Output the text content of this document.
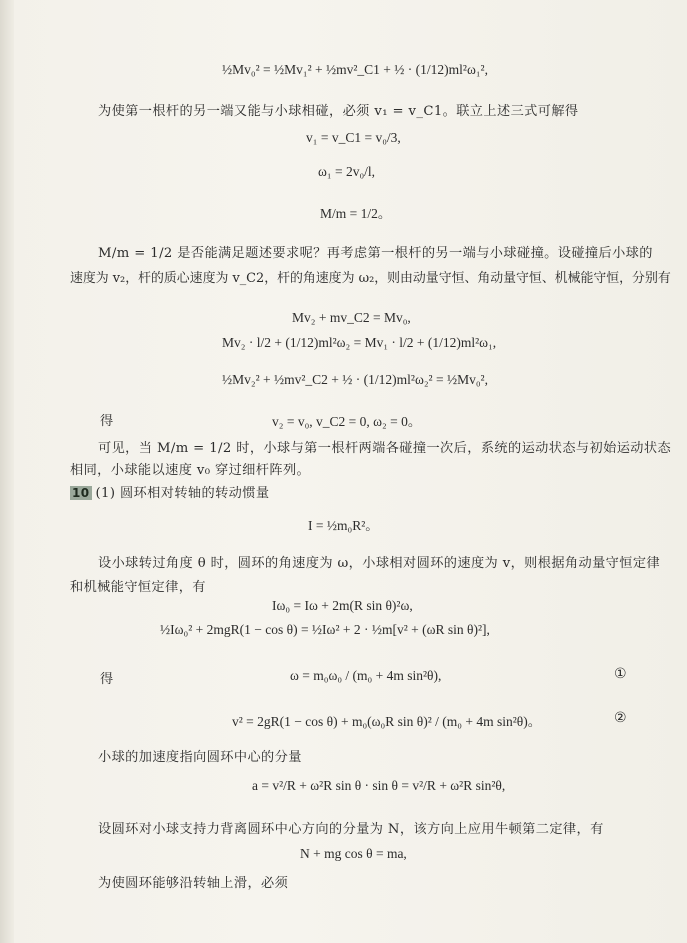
½Mv₀² = ½Mv₁² + ½mv²_C1 + ½ · (1/12)ml²ω₁²,
为使第一根杆的另一端又能与小球相碰，必须 v₁ = v_C1。联立上述三式可解得
v₁ = v_C1 = v₀/3,
ω₁ = 2v₀/l,
M/m = 1/2。
M/m = 1/2 是否能满足题述要求呢？再考虑第一根杆的另一端与小球碰撞。设碰撞后小球的
速度为 v₂，杆的质心速度为 v_C2，杆的角速度为 ω₂，则由动量守恒、角动量守恒、机械能守恒，分别有
Mv₂ + mv_C2 = Mv₀,
Mv₂ · l/2 + (1/12)ml²ω₂ = Mv₁ · l/2 + (1/12)ml²ω₁,
½Mv₂² + ½mv²_C2 + ½ · (1/12)ml²ω₂² = ½Mv₀²,
得	v₂ = v₀, v_C2 = 0, ω₂ = 0。
可见，当 M/m = 1/2 时，小球与第一根杆两端各碰撞一次后，系统的运动状态与初始运动状态
相同，小球能以速度 v₀ 穿过细杆阵列。
10 (1) 圆环相对转轴的转动惯量
I = ½m₀R²。
设小球转过角度 θ 时，圆环的角速度为 ω，小球相对圆环的速度为 v，则根据角动量守恒定律
和机械能守恒定律，有
Iω₀ = Iω + 2m(R sin θ)²ω,
½Iω₀² + 2mgR(1 − cos θ) = ½Iω² + 2 · ½m[v² + (ωR sin θ)²],
得	ω = m₀ω₀ / (m₀ + 4m sin²θ),	①
v² = 2gR(1 − cos θ) + m₀(ω₀R sin θ)² / (m₀ + 4m sin²θ)。	②
小球的加速度指向圆环中心的分量
a = v²/R + ω²R sin θ · sin θ = v²/R + ω²R sin²θ,
设圆环对小球支持力背离圆环中心方向的分量为 N，该方向上应用牛顿第二定律，有
N + mg cos θ = ma,
为使圆环能够沿转轴上滑，必须
